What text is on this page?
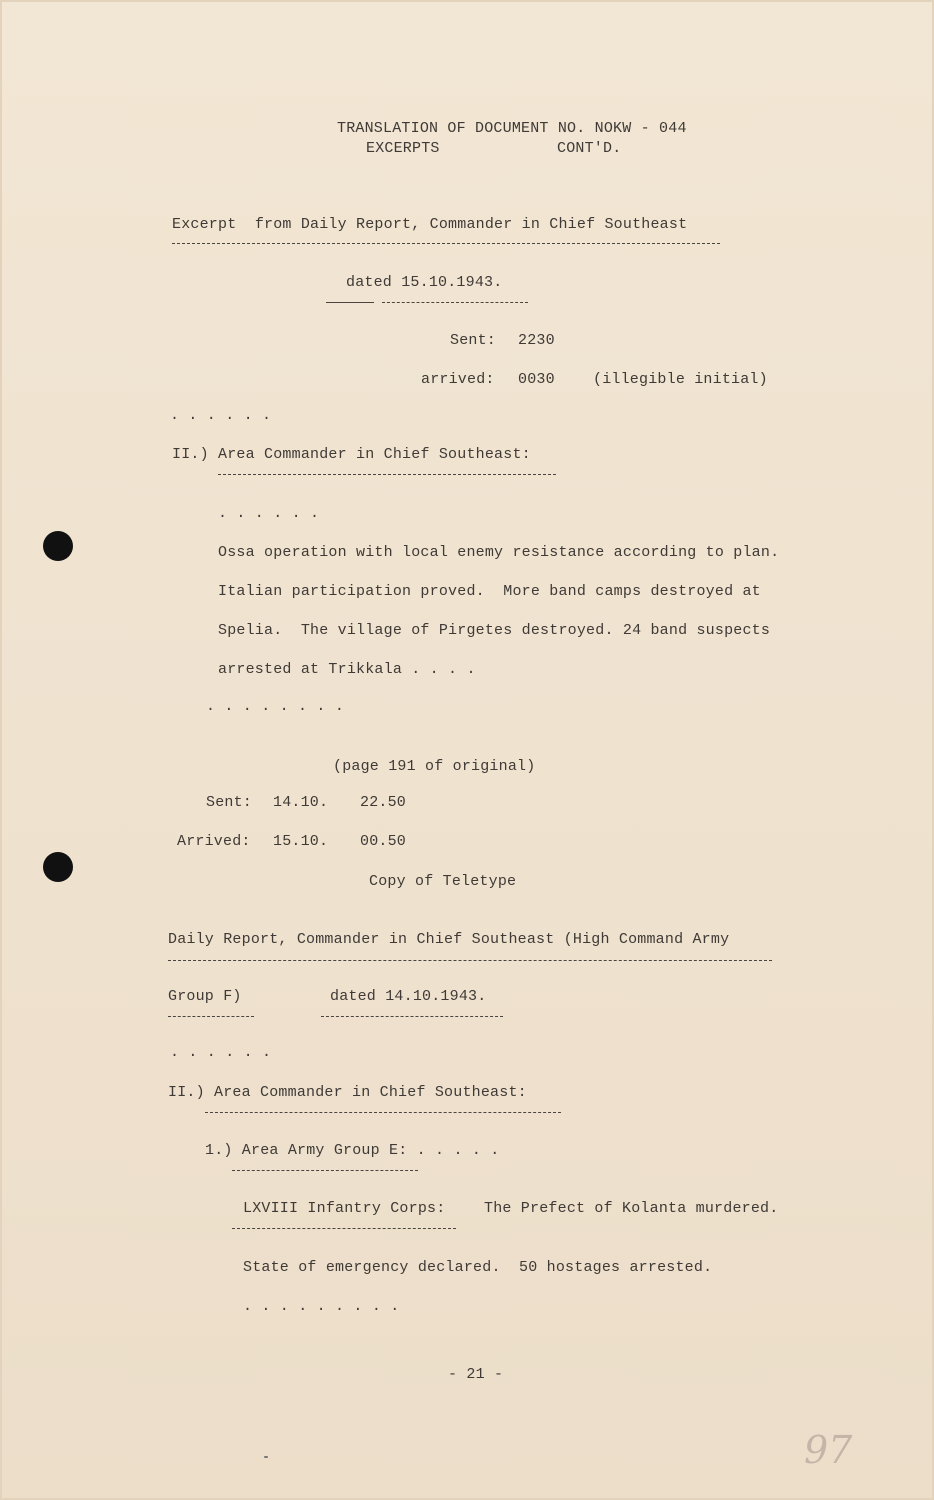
TRANSLATION OF DOCUMENT NO. NOKW - 044
EXCERPTS	CONT'D.
Excerpt  from Daily Report, Commander in Chief Southeast
dated 15.10.1943.
Sent: 2230
arrived: 0030	(illegible initial)
. . . . . .
II.) Area Commander in Chief Southeast:
. . . . . .
Ossa operation with local enemy resistance according to plan.
Italian participation proved.  More band camps destroyed at
Spelia.  The village of Pirgetes destroyed. 24 band suspects
arrested at Trikkala . . . .
. . . . . . . .
(page 191 of original)
Sent: 14.10. 22.50
Arrived: 15.10. 00.50
Copy of Teletype
Daily Report, Commander in Chief Southeast (High Command Army
Group F)	dated 14.10.1943.
. . . . . .
II.) Area Commander in Chief Southeast:
1.) Area Army Group E: . . . . .
LXVIII Infantry Corps:	The Prefect of Kolanta murdered.
State of emergency declared.  50 hostages arrested.
. . . . . . . . .
- 21 -
97
